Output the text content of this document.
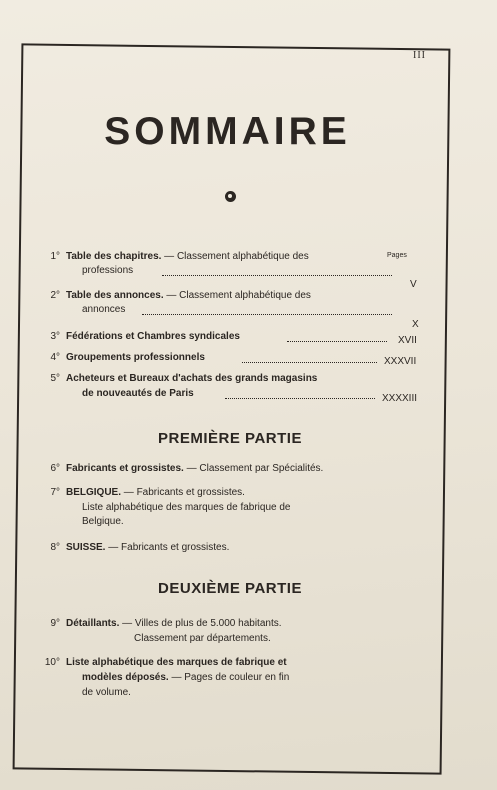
III
SOMMAIRE
Pages
1° Table des chapitres. — Classement alphabétique des
professions
V
2° Table des annonces. — Classement alphabétique des
annonces
X
3° Fédérations et Chambres syndicales	XVII
4° Groupements professionnels	XXXVII
5° Acheteurs et Bureaux d'achats des grands magasins
de nouveautés de Paris	XXXXIII
PREMIÈRE PARTIE
6° Fabricants et grossistes. — Classement par Spécialités.
7° BELGIQUE. — Fabricants et grossistes.
Liste alphabétique des marques de fabrique de
Belgique.
8° SUISSE. — Fabricants et grossistes.
DEUXIÈME PARTIE
9° Détaillants. — Villes de plus de 5.000 habitants.
Classement par départements.
10° Liste alphabétique des marques de fabrique et
modèles déposés. — Pages de couleur en fin
de volume.
